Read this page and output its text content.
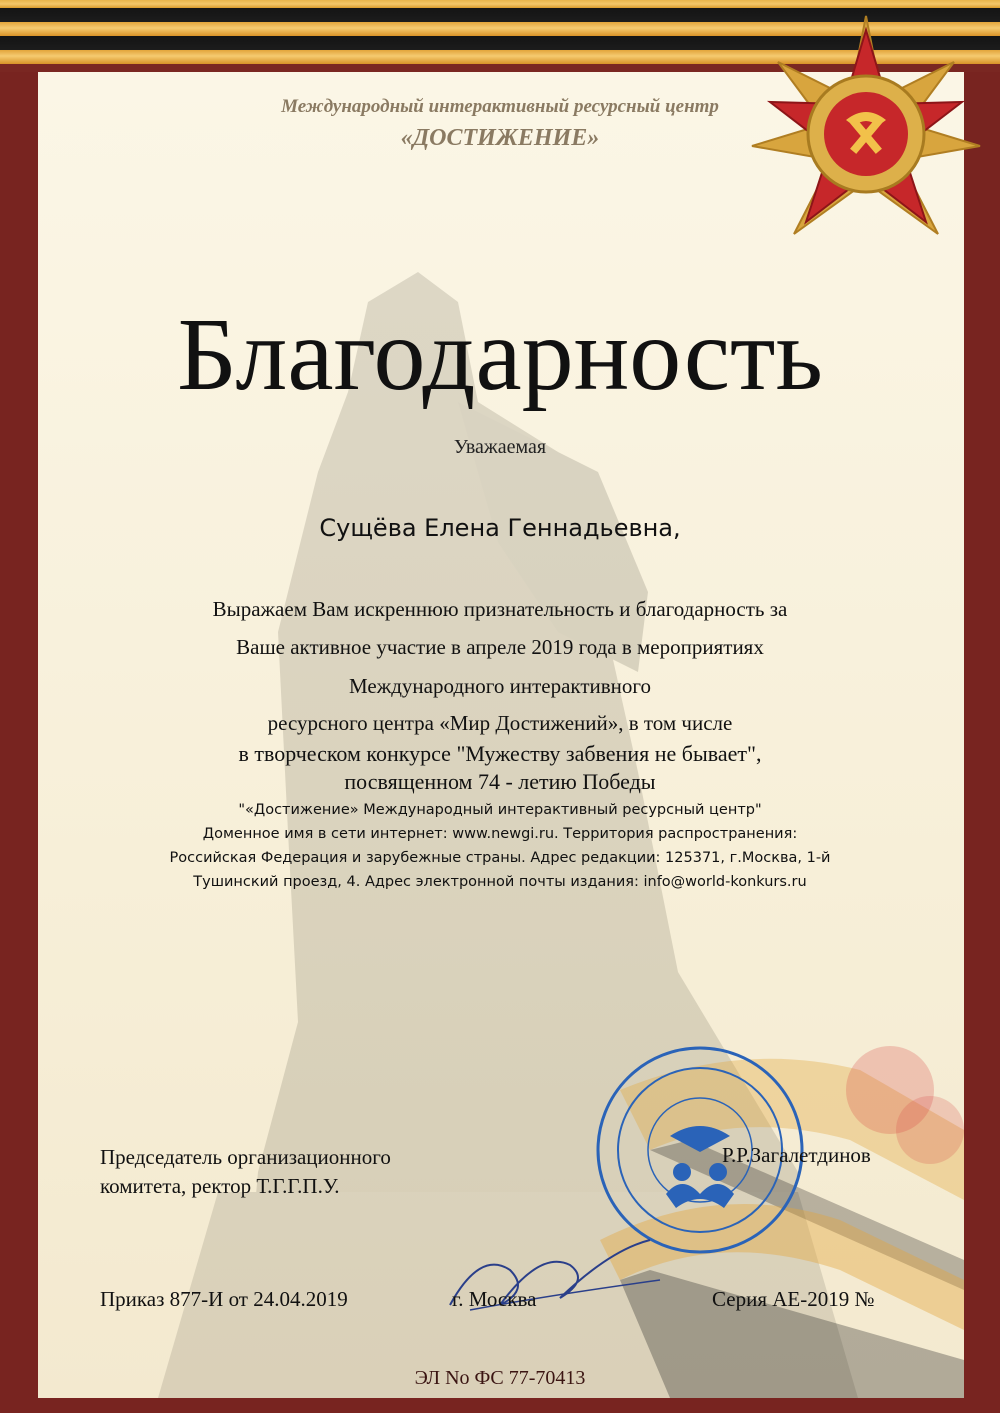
Международный интерактивный ресурсный центр
«ДОСТИЖЕНИЕ»
Благодарность
Уважаемая
Сущёва Елена Геннадьевна,
Выражаем Вам искреннюю признательность и благодарность за
Ваше активное участие в апреле 2019 года в мероприятиях
Международного интерактивного
ресурсного центра «Мир Достижений», в том числе
в творческом конкурсе "Мужеству забвения не бывает",
посвященном 74 - летию Победы
"«Достижение» Международный интерактивный ресурсный центр"
Доменное имя в сети интернет: www.newgi.ru. Территория распространения:
Российская Федерация и зарубежные страны. Адрес редакции: 125371, г.Москва, 1-й
Тушинский проезд, 4. Адрес электронной почты издания: info@world-konkurs.ru
Председатель организационного
комитета, ректор Т.Г.Г.П.У.
Р.Р.Загалетдинов
Приказ 877-И от 24.04.2019	г. Москва	Серия АЕ-2019 №
ЭЛ No ФС 77-70413
